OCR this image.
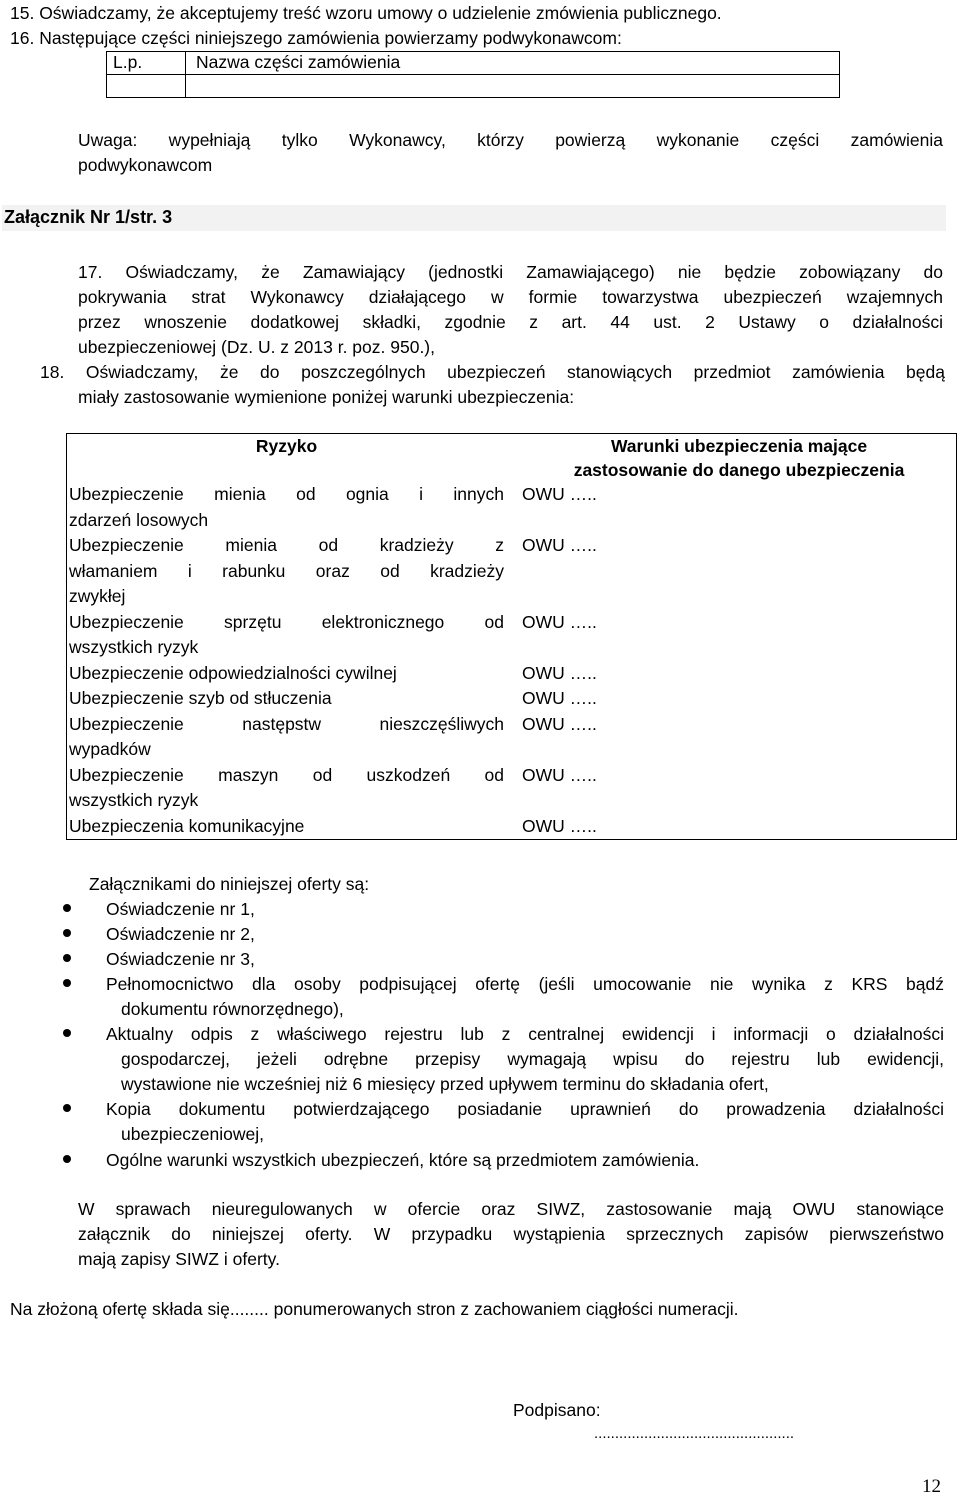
15. Oświadczamy, że akceptujemy treść wzoru umowy o udzielenie zmówienia publicznego.
16. Następujące części niniejszego zamówienia powierzamy podwykonawcom:
L.p.	Nazwa części zamówienia

Uwaga: wypełniają tylko Wykonawcy, którzy powierzą wykonanie części zamówienia
podwykonawcom
Załącznik Nr 1/str. 3
17. Oświadczamy, że Zamawiający (jednostki Zamawiającego) nie będzie zobowiązany do
pokrywania strat Wykonawcy działającego w formie towarzystwa ubezpieczeń wzajemnych
przez wnoszenie dodatkowej składki, zgodnie z art. 44 ust. 2 Ustawy o działalności
ubezpieczeniowej (Dz. U. z 2013 r. poz. 950.),
18. Oświadczamy, że do poszczególnych ubezpieczeń stanowiących przedmiot zamówienia będą
miały zastosowanie wymienione poniżej warunki ubezpieczenia:
Ryzyko	Warunki ubezpieczenia mające
zastosowanie do danego ubezpieczenia

Ubezpieczenie mienia od ognia i innych
zdarzeń losowych	OWU …..

Ubezpieczenie mienia od kradzieży z
włamaniem i rabunku oraz od kradzieży
zwykłej	OWU …..

Ubezpieczenie sprzętu elektronicznego od
wszystkich ryzyk	OWU …..

Ubezpieczenie odpowiedzialności cywilnej	OWU …..

Ubezpieczenie szyb od stłuczenia	OWU …..

Ubezpieczenie następstw nieszczęśliwych
wypadków	OWU …..

Ubezpieczenie maszyn od uszkodzeń od
wszystkich ryzyk	OWU …..

Ubezpieczenia komunikacyjne	OWU …..
Załącznikami do niniejszej oferty są:
Oświadczenie nr 1,
Oświadczenie nr 2,
Oświadczenie nr 3,
Pełnomocnictwo dla osoby podpisującej ofertę (jeśli umocowanie nie wynika z KRS bądź
dokumentu równorzędnego),
Aktualny odpis z właściwego rejestru lub z centralnej ewidencji i informacji o działalności
gospodarczej, jeżeli odrębne przepisy wymagają wpisu do rejestru lub ewidencji,
wystawione nie wcześniej niż 6 miesięcy przed upływem terminu do składania ofert,
Kopia dokumentu potwierdzającego posiadanie uprawnień do prowadzenia działalności
ubezpieczeniowej,
Ogólne warunki wszystkich ubezpieczeń, które są przedmiotem zamówienia.
W sprawach nieuregulowanych w ofercie oraz SIWZ, zastosowanie mają OWU stanowiące
załącznik do niniejszej oferty. W przypadku wystąpienia sprzecznych zapisów pierwszeństwo
mają zapisy SIWZ i oferty.
Na złożoną ofertę składa się........ ponumerowanych stron z zachowaniem ciągłości numeracji.
Podpisano:
................................................
12
